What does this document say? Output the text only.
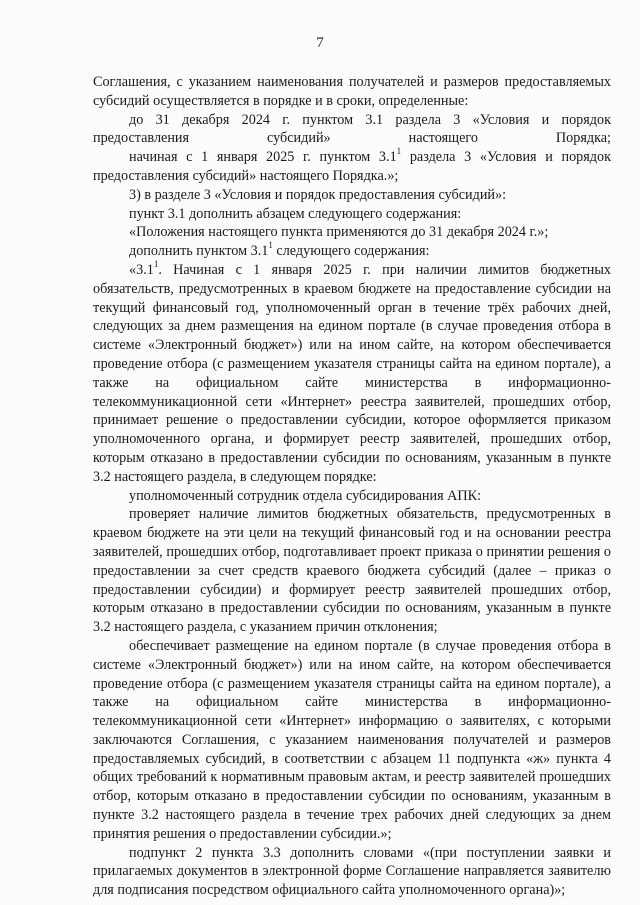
7

Соглашения, с указанием наименования получателей и размеров предоставляемых субсидий осуществляется в порядке и в сроки, определенные:

до 31 декабря 2024 г. пунктом 3.1 раздела 3 «Условия и порядок предоставления субсидий» настоящего Порядка;

начиная с 1 января 2025 г. пунктом $3.1^1$ раздела 3 «Условия и порядок предоставления субсидий» настоящего Порядка.»;

3) в разделе 3 «Условия и порядок предоставления субсидий»:

пункт 3.1 дополнить абзацем следующего содержания:

«Положения настоящего пункта применяются до 31 декабря 2024 г.»;

дополнить пунктом $3.1^1$ следующего содержания:

«$3.1^1$. Начиная с 1 января 2025 г. при наличии лимитов бюджетных обязательств, предусмотренных в краевом бюджете на предоставление субсидии на текущий финансовый год, уполномоченный орган в течение трёх рабочих дней, следующих за днем размещения на едином портале (в случае проведения отбора в системе «Электронный бюджет») или на ином сайте, на котором обеспечивается проведение отбора (с размещением указателя страницы сайта на едином портале), а также на официальном сайте министерства в информационно-телекоммуникационной сети «Интернет» реестра заявителей, прошедших отбор, принимает решение о предоставлении субсидии, которое оформляется приказом уполномоченного органа, и формирует реестр заявителей, прошедших отбор, которым отказано в предоставлении субсидии по основаниям, указанным в пункте 3.2 настоящего раздела, в следующем порядке:

уполномоченный сотрудник отдела субсидирования АПК:

проверяет наличие лимитов бюджетных обязательств, предусмотренных в краевом бюджете на эти цели на текущий финансовый год и на основании реестра заявителей, прошедших отбор, подготавливает проект приказа о принятии решения о предоставлении за счет средств краевого бюджета субсидий (далее – приказ о предоставлении субсидии) и формирует реестр заявителей прошедших отбор, которым отказано в предоставлении субсидии по основаниям, указанным в пункте 3.2 настоящего раздела, с указанием причин отклонения;

обеспечивает размещение на едином портале (в случае проведения отбора в системе «Электронный бюджет») или на ином сайте, на котором обеспечивается проведение отбора (с размещением указателя страницы сайта на едином портале), а также на официальном сайте министерства в информационно-телекоммуникационной сети «Интернет» информацию о заявителях, с которыми заключаются Соглашения, с указанием наименования получателей и размеров предоставляемых субсидий, в соответствии с абзацем 11 подпункта «ж» пункта 4 общих требований к нормативным правовым актам, и реестр заявителей прошедших отбор, которым отказано в предоставлении субсидии по основаниям, указанным в пункте 3.2 настоящего раздела в течение трех рабочих дней следующих за днем принятия решения о предоставлении субсидии.»;

подпункт 2 пункта 3.3 дополнить словами «(при поступлении заявки и прилагаемых документов в электронной форме Соглашение направляется заявителю для подписания посредством официального сайта уполномоченного органа)»;
